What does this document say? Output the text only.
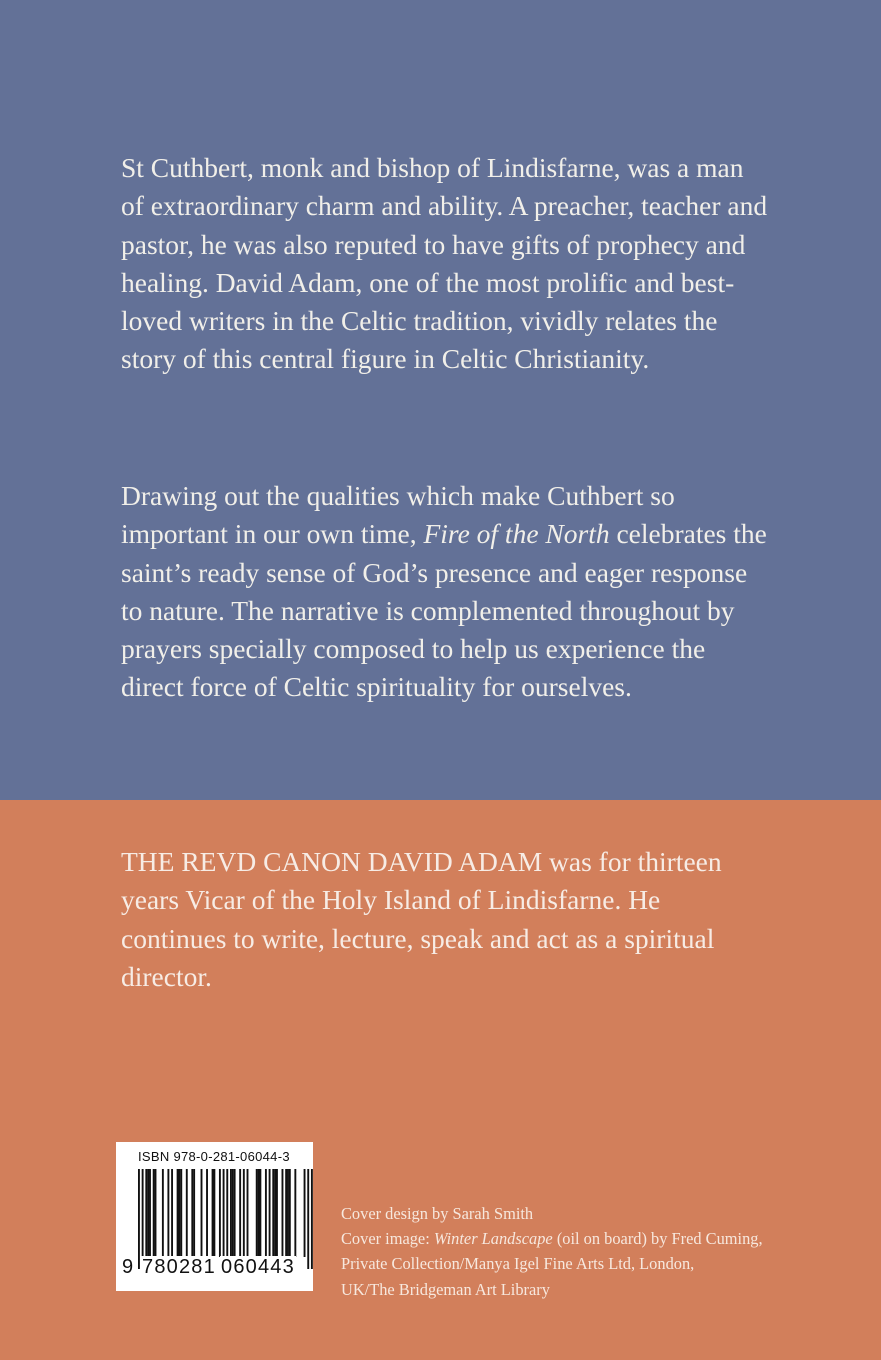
St Cuthbert, monk and bishop of Lindisfarne, was a man of extraordinary charm and ability. A preacher, teacher and pastor, he was also reputed to have gifts of prophecy and healing. David Adam, one of the most prolific and best-loved writers in the Celtic tradition, vividly relates the story of this central figure in Celtic Christianity.

Drawing out the qualities which make Cuthbert so important in our own time, Fire of the North celebrates the saint’s ready sense of God’s presence and eager response to nature. The narrative is complemented throughout by prayers specially composed to help us experience the direct force of Celtic spirituality for ourselves.

THE REVD CANON DAVID ADAM was for thirteen years Vicar of the Holy Island of Lindisfarne. He continues to write, lecture, speak and act as a spiritual director.

ISBN 978-0-281-06044-3
9 780281 060443
Cover design by Sarah Smith
Cover image: Winter Landscape (oil on board) by Fred Cuming,
Private Collection/Manya Igel Fine Arts Ltd, London,
UK/The Bridgeman Art Library
